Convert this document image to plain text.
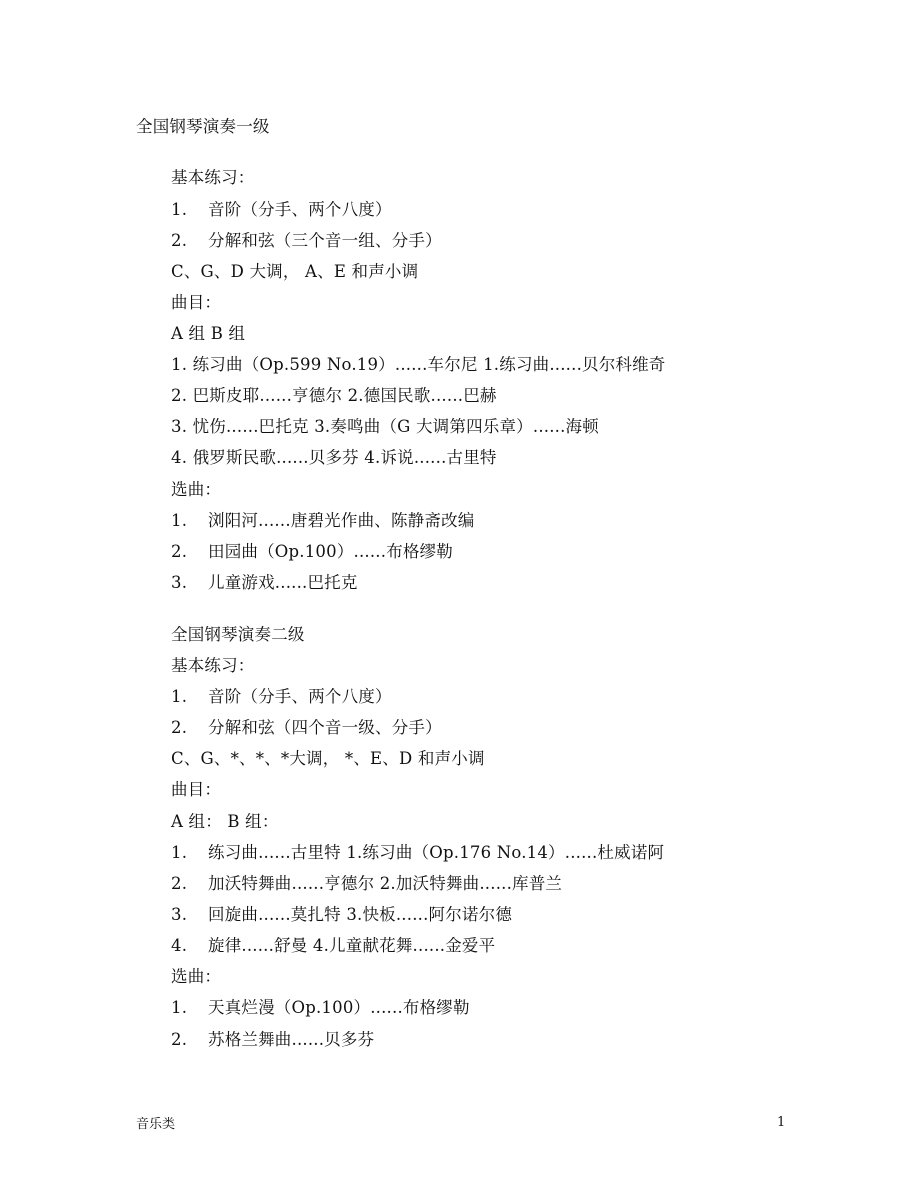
全国钢琴演奏一级
基本练习：
1. 音阶（分手、两个八度）
2. 分解和弦（三个音一组、分手）
C、G、D 大调， A、E 和声小调
曲目：
A 组 B 组
1. 练习曲（Op.599 No.19）......车尔尼 1.练习曲......贝尔科维奇
2. 巴斯皮耶......亨德尔 2.德国民歌......巴赫
3. 忧伤......巴托克 3.奏鸣曲（G 大调第四乐章）......海顿
4. 俄罗斯民歌......贝多芬 4.诉说......古里特
选曲：
1. 浏阳河......唐碧光作曲、陈静斋改编
2. 田园曲（Op.100）......布格缪勒
3. 儿童游戏......巴托克
全国钢琴演奏二级
基本练习：
1. 音阶（分手、两个八度）
2. 分解和弦（四个音一级、分手）
C、G、*、*、*大调， *、E、D 和声小调
曲目：
A 组： B 组：
1. 练习曲......古里特 1.练习曲（Op.176 No.14）......杜威诺阿
2. 加沃特舞曲......亨德尔 2.加沃特舞曲......库普兰
3. 回旋曲......莫扎特 3.快板......阿尔诺尔德
4. 旋律......舒曼 4.儿童献花舞......金爱平
选曲：
1. 天真烂漫（Op.100）......布格缪勒
2. 苏格兰舞曲......贝多芬
音乐类	1
